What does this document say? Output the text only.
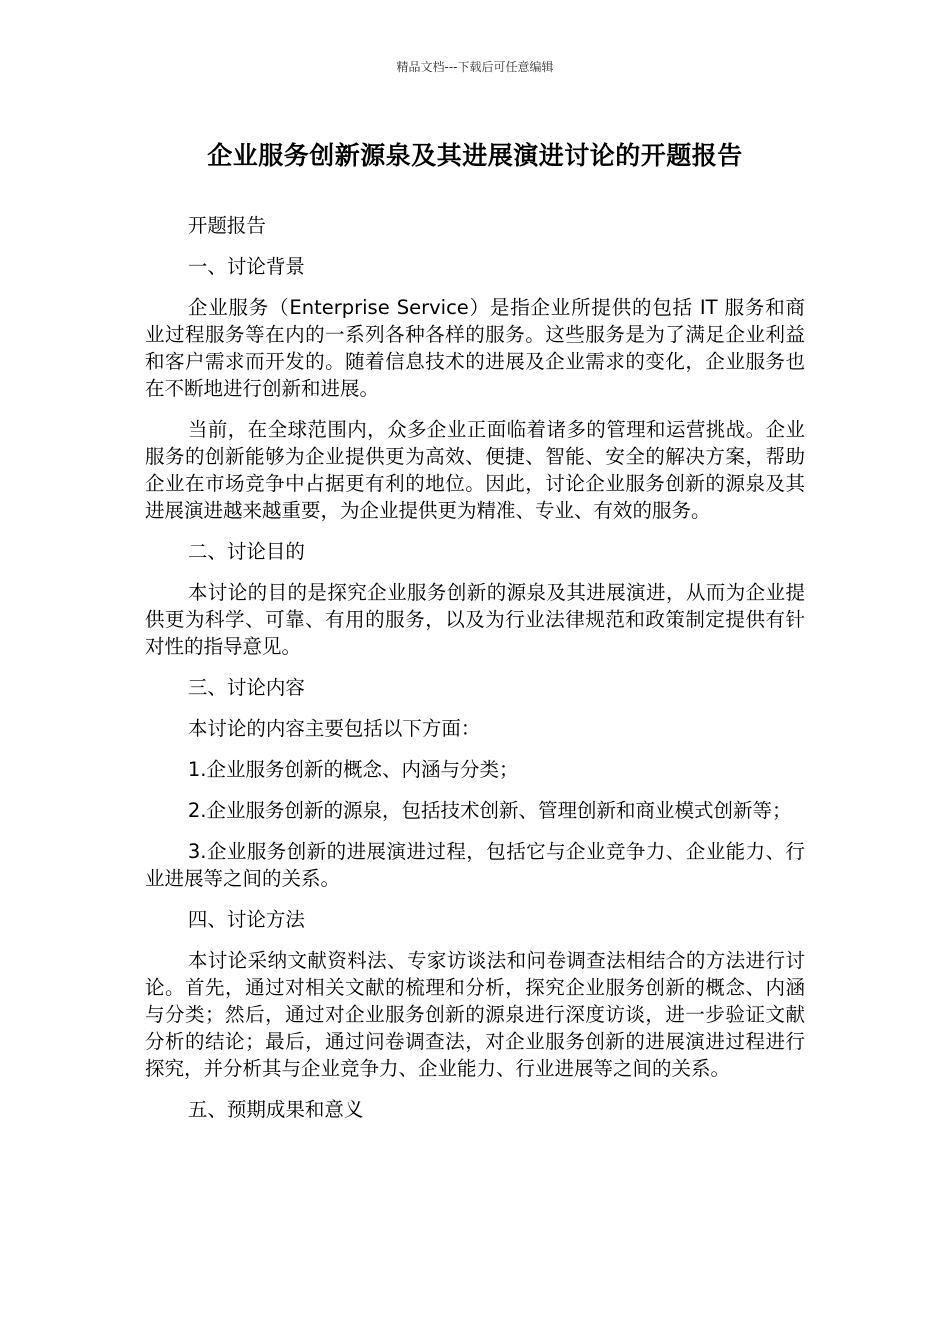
精品文档---下载后可任意编辑
企业服务创新源泉及其进展演进讨论的开题报告

开题报告

一、讨论背景

企业服务（Enterprise Service）是指企业所提供的包括 IT 服务和商业过程服务等在内的一系列各种各样的服务。这些服务是为了满足企业利益和客户需求而开发的。随着信息技术的进展及企业需求的变化，企业服务也在不断地进行创新和进展。

当前，在全球范围内，众多企业正面临着诸多的管理和运营挑战。企业服务的创新能够为企业提供更为高效、便捷、智能、安全的解决方案，帮助企业在市场竞争中占据更有利的地位。因此，讨论企业服务创新的源泉及其进展演进越来越重要，为企业提供更为精准、专业、有效的服务。

二、讨论目的

本讨论的目的是探究企业服务创新的源泉及其进展演进，从而为企业提供更为科学、可靠、有用的服务，以及为行业法律规范和政策制定提供有针对性的指导意见。

三、讨论内容

本讨论的内容主要包括以下方面：

1.企业服务创新的概念、内涵与分类；

2.企业服务创新的源泉，包括技术创新、管理创新和商业模式创新等；

3.企业服务创新的进展演进过程，包括它与企业竞争力、企业能力、行业进展等之间的关系。

四、讨论方法

本讨论采纳文献资料法、专家访谈法和问卷调查法相结合的方法进行讨论。首先，通过对相关文献的梳理和分析，探究企业服务创新的概念、内涵与分类；然后，通过对企业服务创新的源泉进行深度访谈，进一步验证文献分析的结论；最后，通过问卷调查法，对企业服务创新的进展演进过程进行探究，并分析其与企业竞争力、企业能力、行业进展等之间的关系。

五、预期成果和意义
